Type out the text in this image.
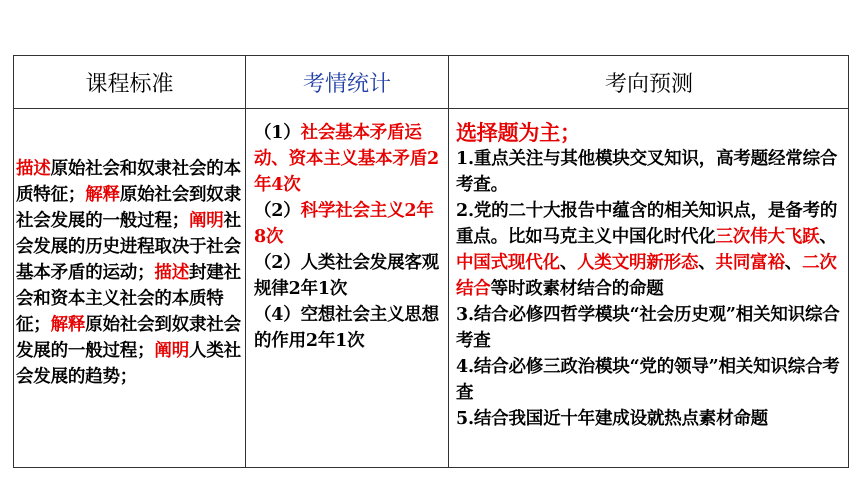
课程标准	考情统计	考向预测
描述原始社会和奴隶社会的本质特征；解释原始社会到奴隶社会发展的一般过程；阐明社会发展的历史进程取决于社会基本矛盾的运动；描述封建社会和资本主义社会的本质特征；解释原始社会到奴隶社会发展的一般过程；阐明人类社会发展的趋势；
（1）社会基本矛盾运动、资本主义基本矛盾2年4次
（2）科学社会主义2年8次
（2）人类社会发展客观规律2年1次
（4）空想社会主义思想的作用2年1次
选择题为主；
1.重点关注与其他模块交叉知识，高考题经常综合考查。
2.党的二十大报告中蕴含的相关知识点，是备考的重点。比如马克主义中国化时代化三次伟大飞跃、中国式现代化、人类文明新形态、共同富裕、二次结合等时政素材结合的命题
3.结合必修四哲学模块“社会历史观”相关知识综合考查
4.结合必修三政治模块“党的领导”相关知识综合考查
5.结合我国近十年建成设就热点素材命题
